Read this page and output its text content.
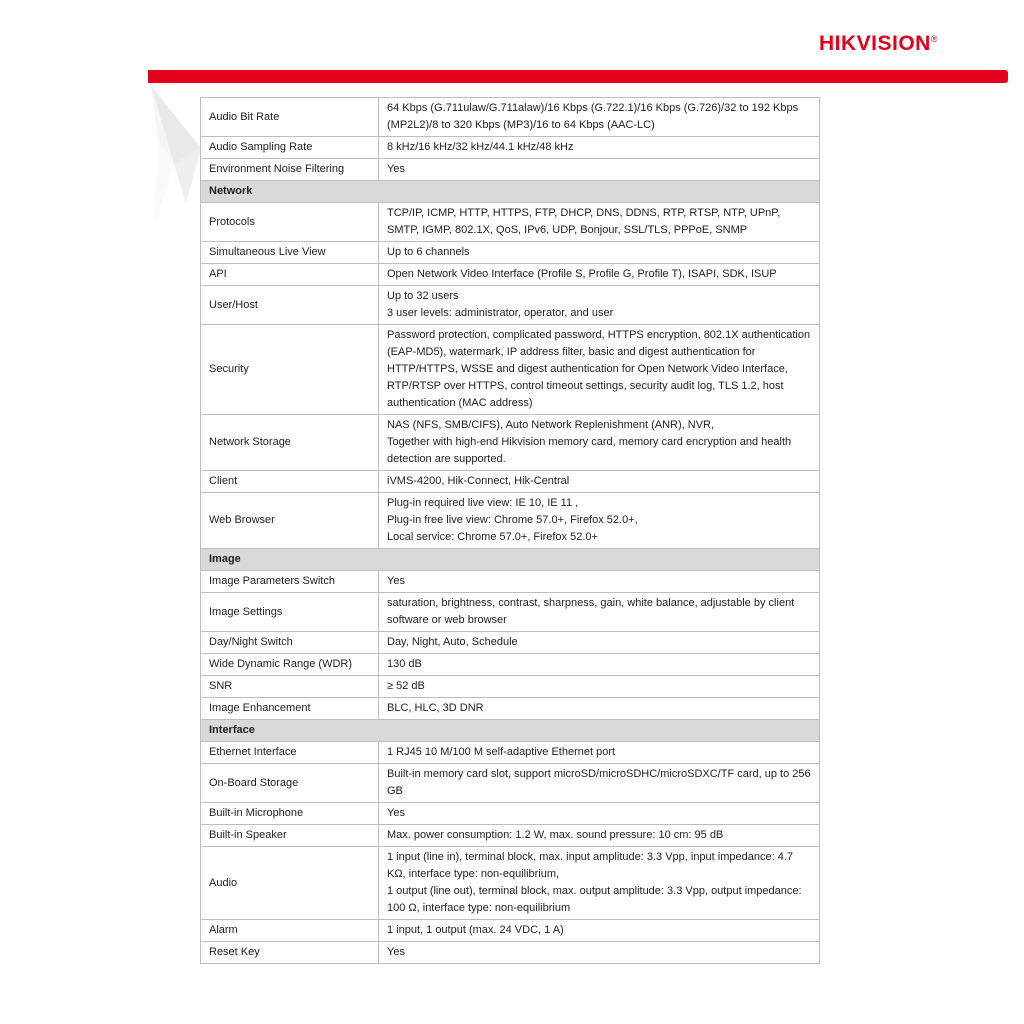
HIKVISION®
Audio Bit Rate	64 Kbps (G.711ulaw/G.711alaw)/16 Kbps (G.722.1)/16 Kbps (G.726)/32 to 192 Kbps (MP2L2)/8 to 320 Kbps (MP3)/16 to 64 Kbps (AAC-LC)
Audio Sampling Rate	8 kHz/16 kHz/32 kHz/44.1 kHz/48 kHz
Environment Noise Filtering	Yes
Network	
Protocols	TCP/IP, ICMP, HTTP, HTTPS, FTP, DHCP, DNS, DDNS, RTP, RTSP, NTP, UPnP, SMTP, IGMP, 802.1X, QoS, IPv6, UDP, Bonjour, SSL/TLS, PPPoE, SNMP
Simultaneous Live View	Up to 6 channels
API	Open Network Video Interface (Profile S, Profile G, Profile T), ISAPI, SDK, ISUP
User/Host	Up to 32 users
3 user levels: administrator, operator, and user

Security	Password protection, complicated password, HTTPS encryption, 802.1X authentication (EAP-MD5), watermark, IP address filter, basic and digest authentication for HTTP/HTTPS, WSSE and digest authentication for Open Network Video Interface, RTP/RTSP over HTTPS, control timeout settings, security audit log, TLS 1.2, host authentication (MAC address)
Network Storage	NAS (NFS, SMB/CIFS), Auto Network Replenishment (ANR), NVR,
Together with high-end Hikvision memory card, memory card encryption and health detection are supported.

Client	iVMS-4200, Hik-Connect, Hik-Central
Web Browser	Plug-in required live view: IE 10, IE 11 ,
Plug-in free live view: Chrome 57.0+, Firefox 52.0+,
Local service: Chrome 57.0+, Firefox 52.0+

Image	
Image Parameters Switch	Yes
Image Settings	saturation, brightness, contrast, sharpness, gain, white balance, adjustable by client software or web browser
Day/Night Switch	Day, Night, Auto, Schedule
Wide Dynamic Range (WDR)	130 dB
SNR	≥ 52 dB
Image Enhancement	BLC, HLC, 3D DNR
Interface	
Ethernet Interface	1 RJ45 10 M/100 M self-adaptive Ethernet port
On-Board Storage	Built-in memory card slot, support microSD/microSDHC/microSDXC/TF card, up to 256 GB
Built-in Microphone	Yes
Built-in Speaker	Max. power consumption: 1.2 W, max. sound pressure: 10 cm: 95 dB
Audio	1 input (line in), terminal block, max. input amplitude: 3.3 Vpp, input impedance: 4.7 KΩ, interface type: non-equilibrium,
1 output (line out), terminal block, max. output amplitude: 3.3 Vpp, output impedance: 100 Ω, interface type: non-equilibrium

Alarm	1 input, 1 output (max. 24 VDC, 1 A)
Reset Key	Yes
